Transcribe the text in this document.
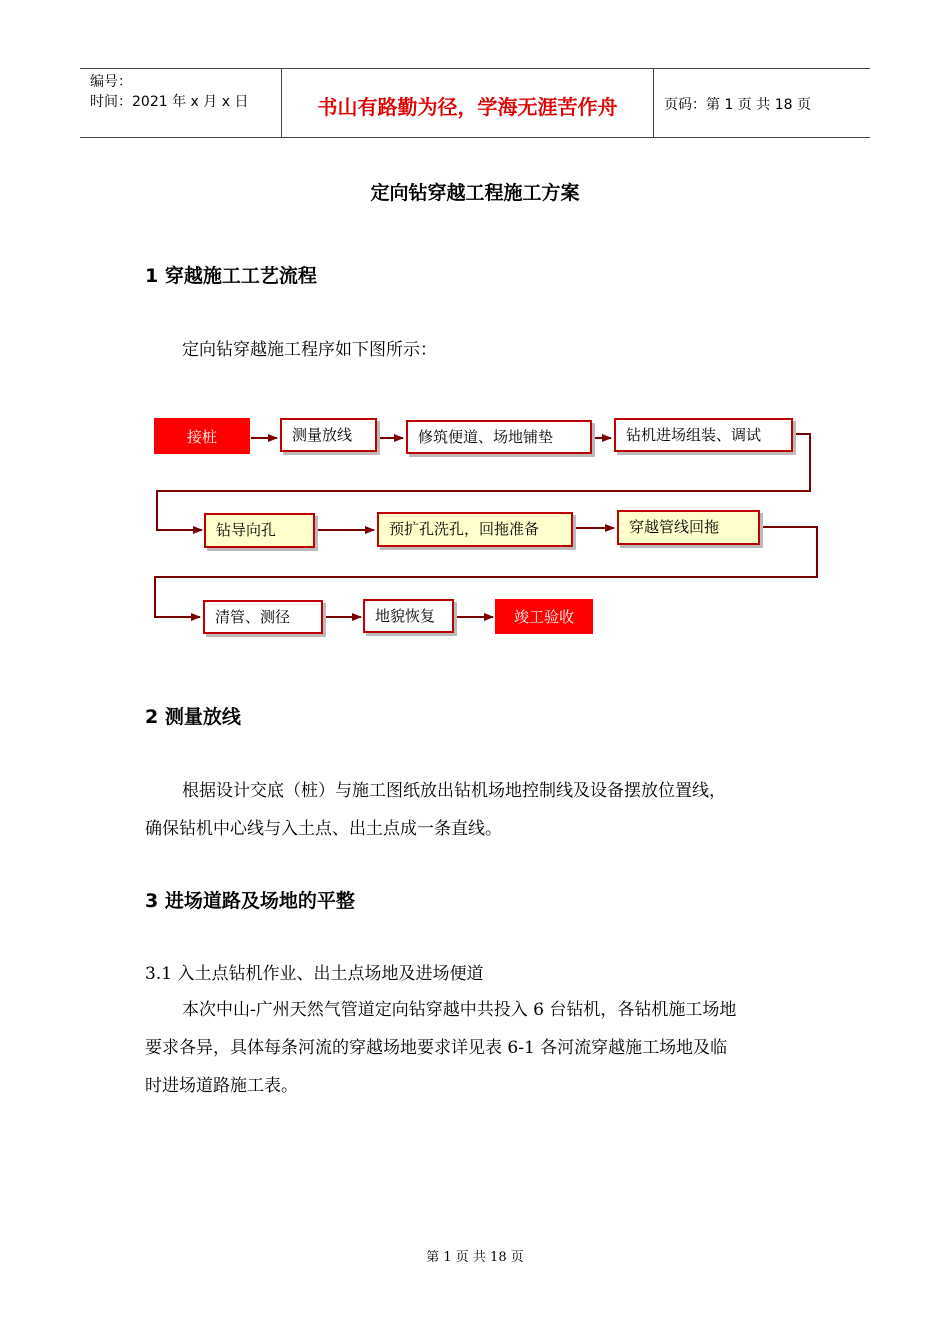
编号：
时间：2021 年 x 月 x 日	书山有路勤为径，学海无涯苦作舟	页码：第 1 页 共 18 页
定向钻穿越工程施工方案
1 穿越施工工艺流程
定向钻穿越施工程序如下图所示：
接桩	测量放线	修筑便道、场地铺垫	钻机进场组装、调试
钻导向孔	预扩孔洗孔，回拖准备	穿越管线回拖
清管、测径	地貌恢复	竣工验收
2 测量放线
根据设计交底（桩）与施工图纸放出钻机场地控制线及设备摆放位置线，
确保钻机中心线与入土点、出土点成一条直线。
3 进场道路及场地的平整
3.1 入土点钻机作业、出土点场地及进场便道
本次中山-广州天然气管道定向钻穿越中共投入 6 台钻机，各钻机施工场地
要求各异，具体每条河流的穿越场地要求详见表 6-1 各河流穿越施工场地及临
时进场道路施工表。
第 1 页 共 18 页
